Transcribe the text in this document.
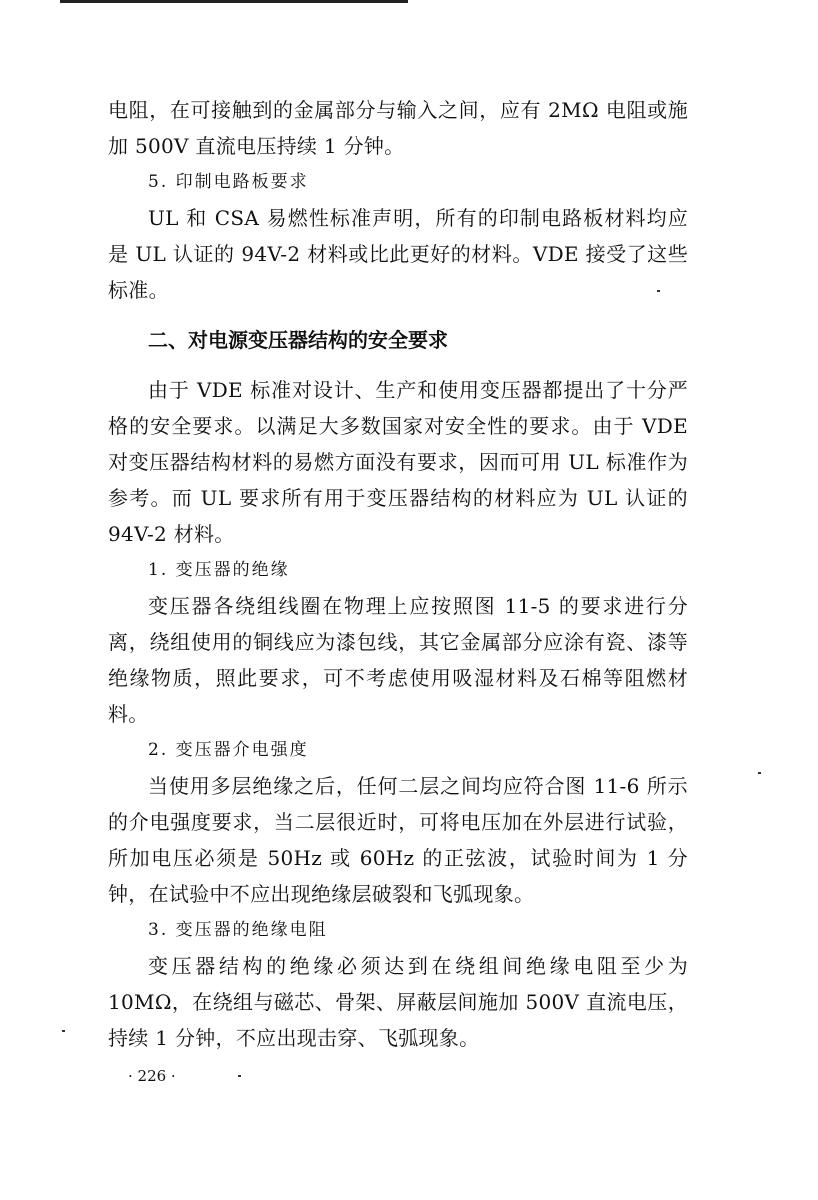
电阻，在可接触到的金属部分与输入之间，应有 2MΩ 电阻或施加 500V 直流电压持续 1 分钟。

5. 印制电路板要求

UL 和 CSA 易燃性标准声明，所有的印制电路板材料均应是 UL 认证的 94V-2 材料或比此更好的材料。VDE 接受了这些标准。

二、对电源变压器结构的安全要求

由于 VDE 标准对设计、生产和使用变压器都提出了十分严格的安全要求。以满足大多数国家对安全性的要求。由于 VDE 对变压器结构材料的易燃方面没有要求，因而可用 UL 标准作为参考。而 UL 要求所有用于变压器结构的材料应为 UL 认证的 94V-2 材料。

1. 变压器的绝缘

变压器各绕组线圈在物理上应按照图 11-5 的要求进行分离，绕组使用的铜线应为漆包线，其它金属部分应涂有瓷、漆等绝缘物质，照此要求，可不考虑使用吸湿材料及石棉等阻燃材料。

2. 变压器介电强度

当使用多层绝缘之后，任何二层之间均应符合图 11-6 所示的介电强度要求，当二层很近时，可将电压加在外层进行试验，所加电压必须是 50Hz 或 60Hz 的正弦波，试验时间为 1 分钟，在试验中不应出现绝缘层破裂和飞弧现象。

3. 变压器的绝缘电阻

变压器结构的绝缘必须达到在绕组间绝缘电阻至少为 10MΩ，在绕组与磁芯、骨架、屏蔽层间施加 500V 直流电压，持续 1 分钟，不应出现击穿、飞弧现象。

· 226 ·
